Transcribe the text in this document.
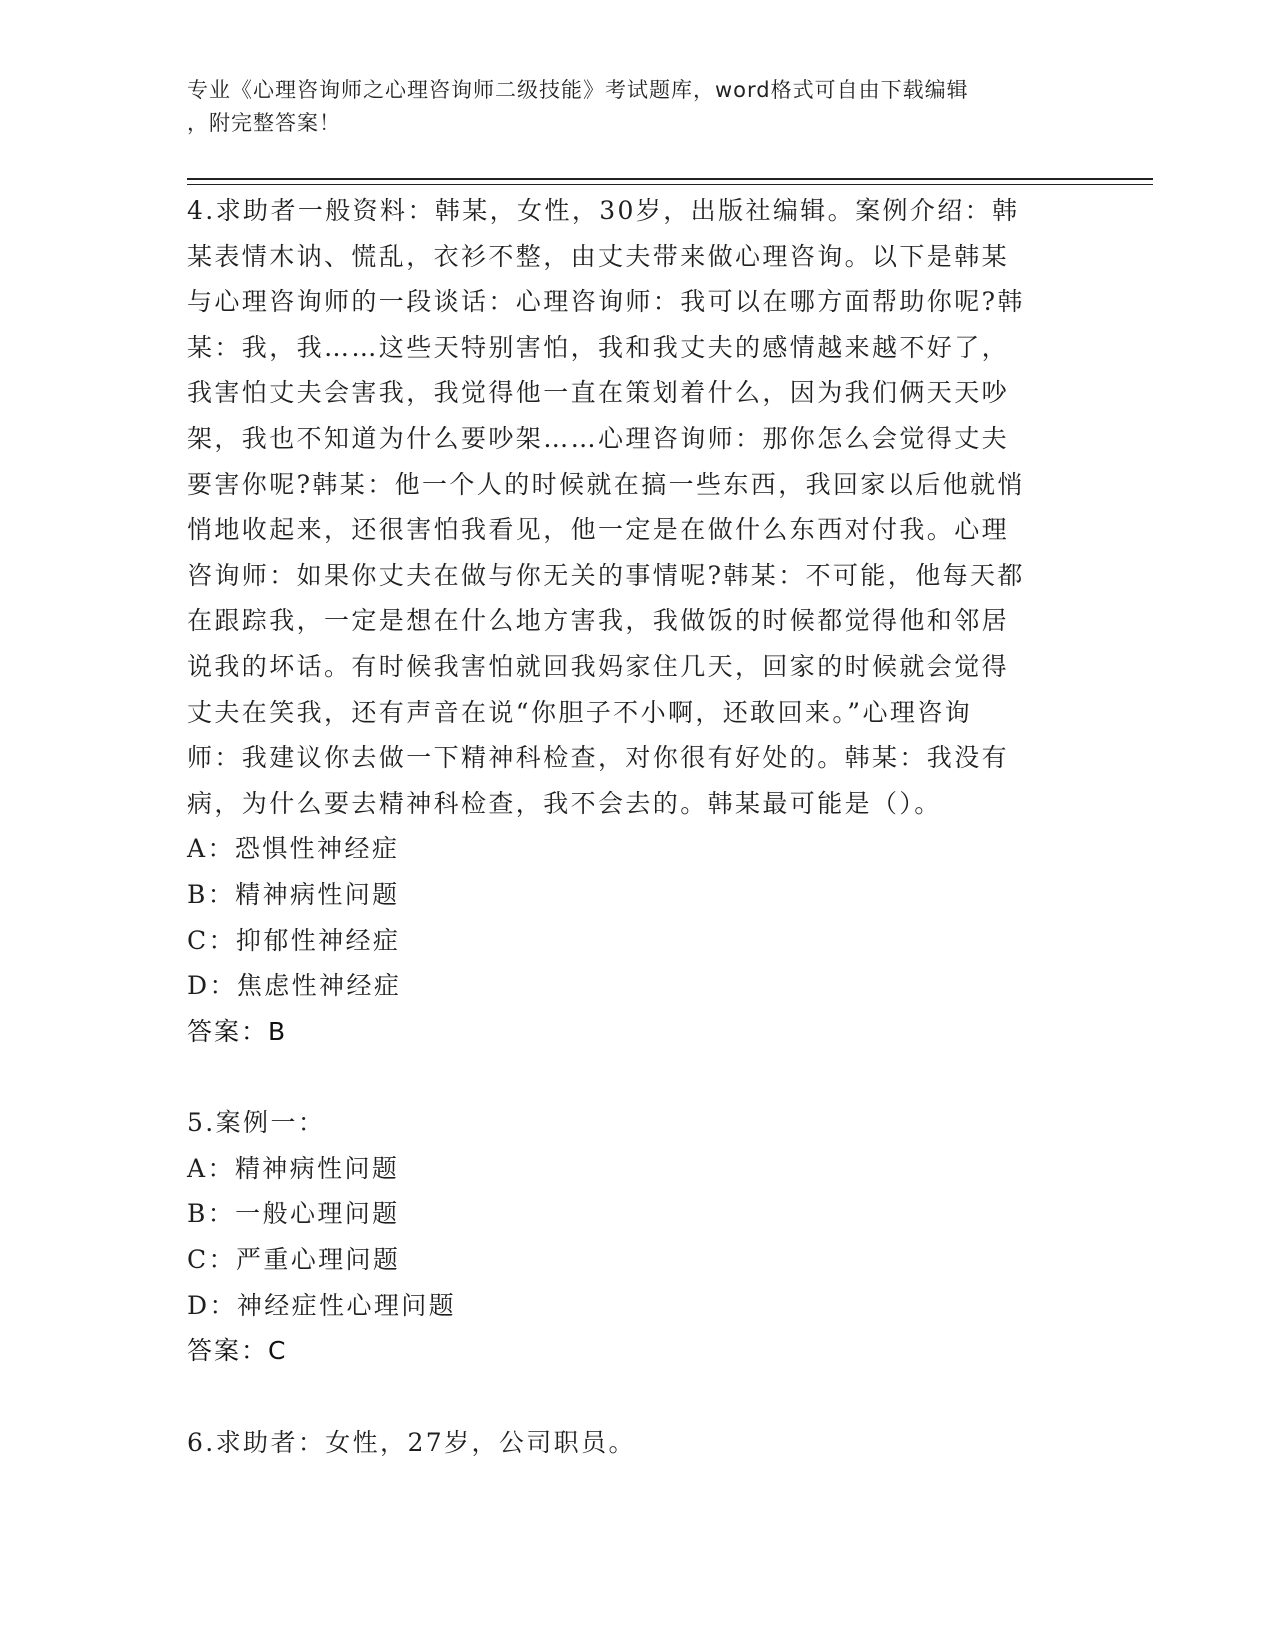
专业《心理咨询师之心理咨询师二级技能》考试题库，word格式可自由下载编辑
，附完整答案！

4.求助者一般资料：韩某，女性，30岁，出版社编辑。案例介绍：韩
某表情木讷、慌乱，衣衫不整，由丈夫带来做心理咨询。以下是韩某
与心理咨询师的一段谈话：心理咨询师：我可以在哪方面帮助你呢?韩
某：我，我……这些天特别害怕，我和我丈夫的感情越来越不好了，
我害怕丈夫会害我，我觉得他一直在策划着什么，因为我们俩天天吵
架，我也不知道为什么要吵架……心理咨询师：那你怎么会觉得丈夫
要害你呢?韩某：他一个人的时候就在搞一些东西，我回家以后他就悄
悄地收起来，还很害怕我看见，他一定是在做什么东西对付我。心理
咨询师：如果你丈夫在做与你无关的事情呢?韩某：不可能，他每天都
在跟踪我，一定是想在什么地方害我，我做饭的时候都觉得他和邻居
说我的坏话。有时候我害怕就回我妈家住几天，回家的时候就会觉得
丈夫在笑我，还有声音在说“你胆子不小啊，还敢回来。”心理咨询
师：我建议你去做一下精神科检查，对你很有好处的。韩某：我没有
病，为什么要去精神科检查，我不会去的。韩某最可能是（）。

A：恐惧性神经症

B：精神病性问题

C：抑郁性神经症

D：焦虑性神经症

答案：B

5.案例一：

A：精神病性问题

B：一般心理问题

C：严重心理问题

D：神经症性心理问题

答案：C

6.求助者：女性，27岁，公司职员。
